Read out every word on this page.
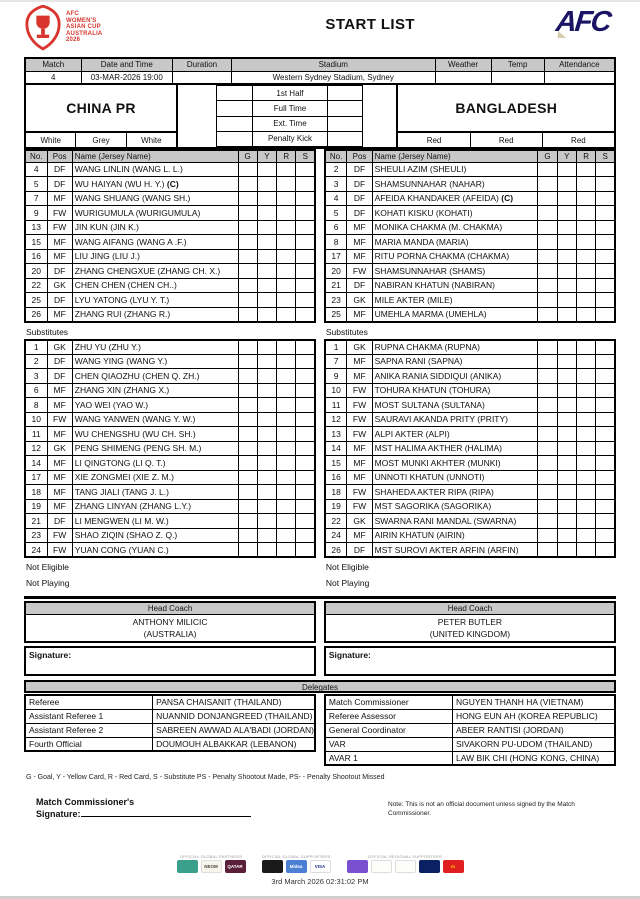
AFC
WOMEN'S
ASIAN CUP
AUSTRALIA
2026
START LIST	AFC
Match	Date and Time	Duration	Stadium	Weather	Temp	Attendance
4	03-MAR-2026 19:00		Western Sydney Stadium, Sydney			
CHINA PR
White	Grey	White
1st Half
Full Time
Ext. Time
Penalty Kick
BANGLADESH
Red	Red	Red
No.	Pos	Name (Jersey Name)	G	Y	R	S
4	DF	WANG LINLIN (WANG L. L.)				
5	DF	WU HAIYAN (WU H. Y.) (C)				
7	MF	WANG SHUANG (WANG SH.)				
9	FW	WURIGUMULA (WURIGUMULA)				
13	FW	JIN KUN (JIN K.)				
15	MF	WANG AIFANG (WANG A .F.)				
16	MF	LIU JING (LIU J.)				
20	DF	ZHANG CHENGXUE (ZHANG CH. X.)				
22	GK	CHEN CHEN (CHEN CH..)				
25	DF	LYU YATONG (LYU Y. T.)				
26	MF	ZHANG RUI (ZHANG R.)				
Substitutes
1	GK	ZHU YU (ZHU Y.)				
2	DF	WANG YING (WANG Y.)				
3	DF	CHEN QIAOZHU (CHEN Q. ZH.)				
6	MF	ZHANG XIN (ZHANG X.)				
8	MF	YAO WEI (YAO W.)				
10	FW	WANG YANWEN (WANG Y. W.)				
11	MF	WU CHENGSHU (WU CH. SH.)				
12	GK	PENG SHIMENG (PENG SH. M.)				
14	MF	LI QINGTONG (LI Q. T.)				
17	MF	XIE ZONGMEI (XIE Z. M.)				
18	MF	TANG JIALI (TANG J. L.)				
19	MF	ZHANG LINYAN (ZHANG L.Y.)				
21	DF	LI MENGWEN (LI M. W.)				
23	FW	SHAO ZIQIN (SHAO Z. Q.)				
24	FW	YUAN CONG (YUAN C.)				
Not Eligible
Not Playing
No.	Pos	Name (Jersey Name)	G	Y	R	S
2	DF	SHEULI AZIM (SHEULI)				
3	DF	SHAMSUNNAHAR (NAHAR)				
4	DF	AFEIDA KHANDAKER (AFEIDA) (C)				
5	DF	KOHATI KISKU (KOHATI)				
6	MF	MONIKA CHAKMA (M. CHAKMA)				
8	MF	MARIA MANDA (MARIA)				
17	MF	RITU PORNA CHAKMA (CHAKMA)				
20	FW	SHAMSUNNAHAR (SHAMS)				
21	DF	NABIRAN KHATUN (NABIRAN)				
23	GK	MILE AKTER (MILE)				
25	MF	UMEHLA MARMA (UMEHLA)				
Substitutes
1	GK	RUPNA CHAKMA (RUPNA)				
7	MF	SAPNA RANI (SAPNA)				
9	MF	ANIKA RANIA SIDDIQUI (ANIKA)				
10	FW	TOHURA KHATUN (TOHURA)				
11	FW	MOST SULTANA (SULTANA)				
12	FW	SAURAVI AKANDA PRITY (PRITY)				
13	FW	ALPI AKTER (ALPI)				
14	MF	MST HALIMA AKTHER (HALIMA)				
15	MF	MOST MUNKI AKHTER (MUNKI)				
16	MF	UNNOTI KHATUN (UNNOTI)				
18	FW	SHAHEDA AKTER RIPA (RIPA)				
19	FW	MST SAGORIKA (SAGORIKA)				
22	GK	SWARNA RANI MANDAL (SWARNA)				
24	MF	AIRIN KHATUN (AIRIN)				
26	DF	MST SUROVI AKTER ARFIN (ARFIN)				
Not Eligible
Not Playing
Head Coach
ANTHONY MILICIC
(AUSTRALIA)
Head Coach
PETER BUTLER
(UNITED KINGDOM)
Signature:	Signature:
Delegates
Referee	PANSA CHAISANIT (THAILAND)
Assistant Referee 1	NUANNID DONJANGREED (THAILAND)
Assistant Referee 2	SABREEN AWWAD ALA'BADI (JORDAN)
Fourth Official	DOUMOUH ALBAKKAR (LEBANON)
Match Commissioner	NGUYEN THANH HA (VIETNAM)
Referee Assessor	HONG EUN AH (KOREA REPUBLIC)
General Coordinator	ABEER RANTISI (JORDAN)
VAR	SIVAKORN PU-UDOM (THAILAND)
AVAR 1	LAW BIK CHI (HONG KONG, CHINA)
G - Goal, Y - Yellow Card, R - Red Card, S - Substitute PS - Penalty Shootout Made, PS- - Penalty Shootout Missed
Match Commissioner's
Signature:
Note: This is not an official document unless signed by the Match Commissioner.
OFFICIAL GLOBAL PARTNERS
NEOM	QATAR
OFFICIAL GLOBAL SUPPORTERS
Midea	VISA
OFFICIAL REGIONAL SUPPORTERS
m
3rd March 2026 02:31:02 PM
